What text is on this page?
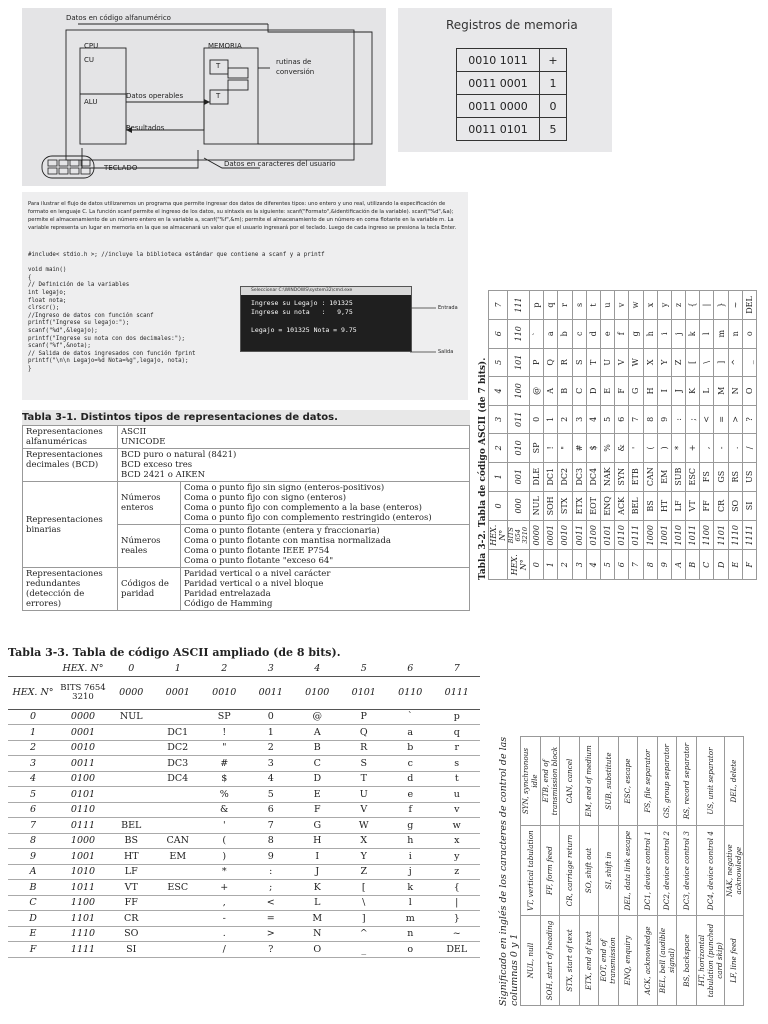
Datos en código alfanumérico
CPU
CU
ALU
MEMORIA
T
T
rutinas de
conversión
Datos operables
Resultados
TECLADO	Datos en caracteres del usuario
Registros de memoria
0010 1011	+
0011 0001	1
0011 0000	0
0011 0101	5
Para ilustrar el flujo de datos utilizaremos un programa que permite ingresar dos datos de diferentes tipos: uno entero y uno real, utilizando la especificación de formato en lenguaje C. La función scanf permite el ingreso de los datos, su sintaxis es la siguiente: scanf("Formato",&identificación de la variable). scanf("%d",&a); permite el almacenamiento de un número entero en la variable a, scanf("%f",&m); permite el almacenamiento de un número en coma flotante en la variable m. La variable representa un lugar en memoria en la que se almacenará un valor que el usuario ingresará por el teclado. Luego de cada ingreso se presiona la tecla Enter.
#include< stdio.h >; //incluye la biblioteca estándar que contiene a scanf y a printf

void main()
{
// Definición de la variables
int legajo;
float nota;
clrscr();
//Ingreso de datos con función scanf
printf("Ingrese su legajo:");
scanf("%d",&legajo);
printf("Ingrese su nota con dos decimales:");
scanf("%f",&nota);
// Salida de datos ingresados con función fprint
printf("\n\n Legajo=%d Nota=%g",legajo, nota);
}
Seleccionar C:\WINDOWS\system32\cmd.exe
Ingrese su Legajo : 101325
Ingrese su nota   :   9,75
Legajo = 101325 Nota = 9.75
Entrada
Salida
Tabla 3-1. Distintos tipos de representaciones de datos.
Representaciones alfanuméricas	ASCII
UNICODE	
Representaciones decimales (BCD)	BCD puro o natural (8421)
BCD exceso tres
BCD 2421 o AIKEN	
Representaciones binarias	Números enteros	Coma o punto fijo sin signo (enteros-positivos)
Coma o punto fijo con signo (enteros)
Coma o punto fijo con complemento a la base (enteros)
Coma o punto fijo con complemento restringido (enteros)
	Números reales	Coma o punto flotante (entera y fraccionaria)
Coma o punto flotante con mantisa normalizada
Coma o punto flotante IEEE P754
Coma o punto flotante "exceso 64"
Representaciones redundantes (detección de errores)	Códigos de paridad	Paridad vertical o a nivel carácter
Paridad vertical o a nivel bloque
Paridad entrelazada
Código de Hamming
Tabla 3-3. Tabla de código ASCII ampliado (de 8 bits).
	HEX. N°	0	1	2	3	4	5	6	7
HEX. N°	BITS 7654 3210	0000	0001	0010	0011	0100	0101	0110	0111
0	0000	NUL		SP	0	@	P	`	p
1	0001		DC1	!	1	A	Q	a	q
2	0010		DC2	"	2	B	R	b	r
3	0011		DC3	#	3	C	S	c	s
4	0100		DC4	$	4	D	T	d	t
5	0101			%	5	E	U	e	u
6	0110			&	6	F	V	f	v
7	0111	BEL		'	7	G	W	g	w
8	1000	BS	CAN	(	8	H	X	h	x
9	1001	HT	EM	)	9	I	Y	i	y
A	1010	LF		*	:	J	Z	j	z
B	1011	VT	ESC	+	;	K	[	k	{
C	1100	FF		,	<	L	\	l	|
D	1101	CR		-	=	M	]	m	}
E	1110	SO		.	>	N	^	n	~
F	1111	SI		/	?	O	_	o	DEL
Tabla 3-2. Tabla de código ASCII (de 7 bits).
	HEX. N°	0	1	2	3	4	5	6	7
HEX. N°	BITS 654 3210	000	001	010	011	100	101	110	111
0	0000	NUL	DLE	SP	0	@	P	`	p
1	0001	SOH	DC1	!	1	A	Q	a	q
2	0010	STX	DC2	"	2	B	R	b	r
3	0011	ETX	DC3	#	3	C	S	c	s
4	0100	EOT	DC4	$	4	D	T	d	t
5	0101	ENQ	NAK	%	5	E	U	e	u
6	0110	ACK	SYN	&	6	F	V	f	v
7	0111	BEL	ETB	'	7	G	W	g	w
8	1000	BS	CAN	(	8	H	X	h	x
9	1001	HT	EM	)	9	I	Y	i	y
A	1010	LF	SUB	*	:	J	Z	j	z
B	1011	VT	ESC	+	;	K	[	k	{
C	1100	FF	FS	,	<	L	\	l	|
D	1101	CR	GS	-	=	M	]	m	}
E	1110	SO	RS	.	>	N	^	n	~
F	1111	SI	US	/	?	O	_	o	DEL
Significado en inglés de los caracteres de control de las columnas 0 y 1 NUL, null	VT, vertical tabulation	SYN, synchronous idle
SOH, start of heading	FF, form feed	ETB, end of transmission block
STX, start of text	CR, carriage return	CAN, cancel
ETX, end of text	SO, shift out	EM, end of medium
EOT, end of transmission	SI, shift in	SUB, substitute
ENQ, enquiry	DEL, data link escape	ESC, escape
ACK, acknowledge	DC1, device control 1	FS, file separator
BEL, bell (audible signal)	DC2, device control 2	GS, group separator
BS, backspace	DC3, device control 3	RS, record separator
HT, horizontal tabulation (punched card skip)	DC4, device control 4	US, unit separator
LF, line feed	NAK, negative acknowledge	DEL, delete
